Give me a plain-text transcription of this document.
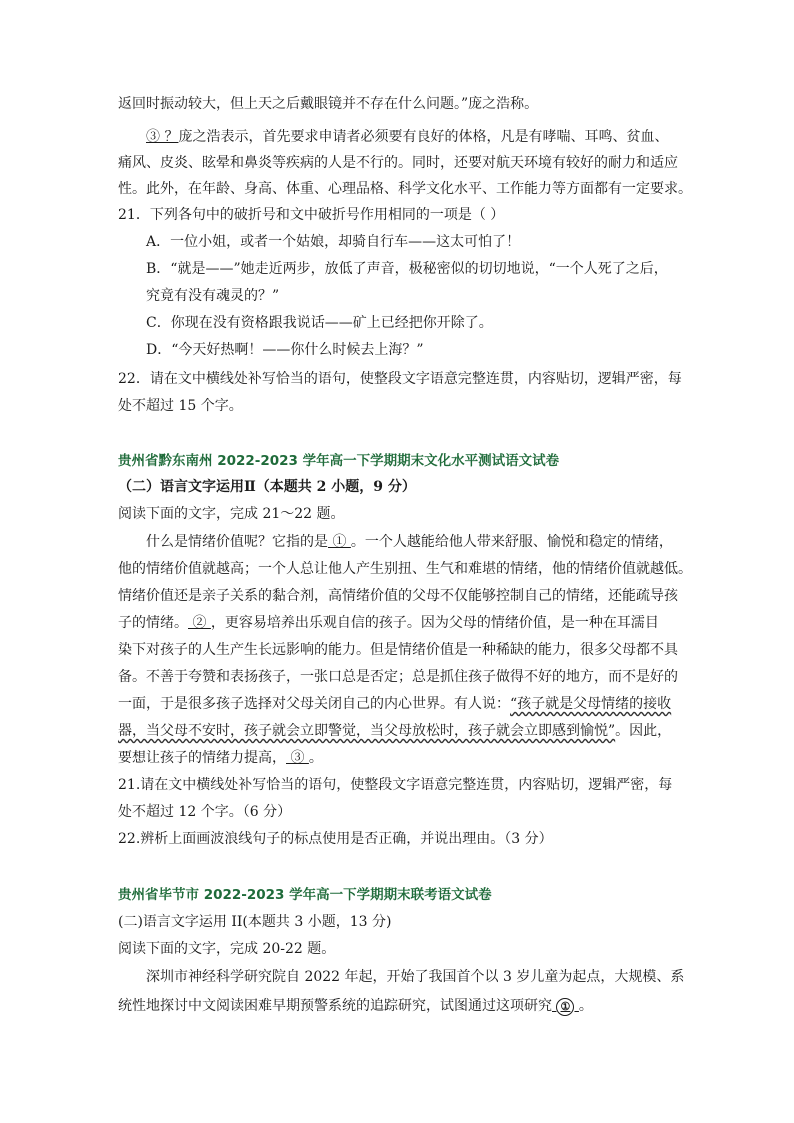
返回时振动较大，但上天之后戴眼镜并不存在什么问题。”庞之浩称。
③ ？庞之浩表示，首先要求申请者必须要有良好的体格，凡是有哮喘、耳鸣、贫血、
痛风、皮炎、眩晕和鼻炎等疾病的人是不行的。同时，还要对航天环境有较好的耐力和适应
性。此外，在年龄、身高、体重、心理品格、科学文化水平、工作能力等方面都有一定要求。
21．下列各句中的破折号和文中破折号作用相同的一项是（ ）
A．一位小姐，或者一个姑娘，却骑自行车——这太可怕了！
B．“就是——”她走近两步，放低了声音，极秘密似的切切地说，“一个人死了之后，
究竟有没有魂灵的？”
C．你现在没有资格跟我说话——矿上已经把你开除了。
D．“今天好热啊！——你什么时候去上海？”
22．请在文中横线处补写恰当的语句，使整段文字语意完整连贯，内容贴切，逻辑严密，每
处不超过 15 个字。
贵州省黔东南州 2022-2023 学年高一下学期期末文化水平测试语文试卷
（二）语言文字运用Ⅱ（本题共 2 小题，9 分）
阅读下面的文字，完成 21～22 题。
什么是情绪价值呢？它指的是 ① 。一个人越能给他人带来舒服、愉悦和稳定的情绪，
他的情绪价值就越高；一个人总让他人产生别扭、生气和难堪的情绪，他的情绪价值就越低。
情绪价值还是亲子关系的黏合剂，高情绪价值的父母不仅能够控制自己的情绪，还能疏导孩
子的情绪。 ② ，更容易培养出乐观自信的孩子。因为父母的情绪价值，是一种在耳濡目
染下对孩子的人生产生长远影响的能力。但是情绪价值是一种稀缺的能力，很多父母都不具
备。不善于夸赞和表扬孩子，一张口总是否定；总是抓住孩子做得不好的地方，而不是好的
一面，于是很多孩子选择对父母关闭自己的内心世界。有人说：“孩子就是父母情绪的接收
器，当父母不安时，孩子就会立即警觉，当父母放松时，孩子就会立即感到愉悦”。因此，
要想让孩子的情绪力提高， ③ 。
21.请在文中横线处补写恰当的语句，使整段文字语意完整连贯，内容贴切，逻辑严密，每
处不超过 12 个字。（6 分）
22.辨析上面画波浪线句子的标点使用是否正确，并说出理由。（3 分）
贵州省毕节市 2022-2023 学年高一下学期期末联考语文试卷
(二)语言文字运用 II(本题共 3 小题，13 分)
阅读下面的文字，完成 20-22 题。
深圳市神经科学研究院自 2022 年起，开始了我国首个以 3 岁儿童为起点，大规模、系
统性地探讨中文阅读困难早期预警系统的追踪研究，试图通过这项研究 ① 。
